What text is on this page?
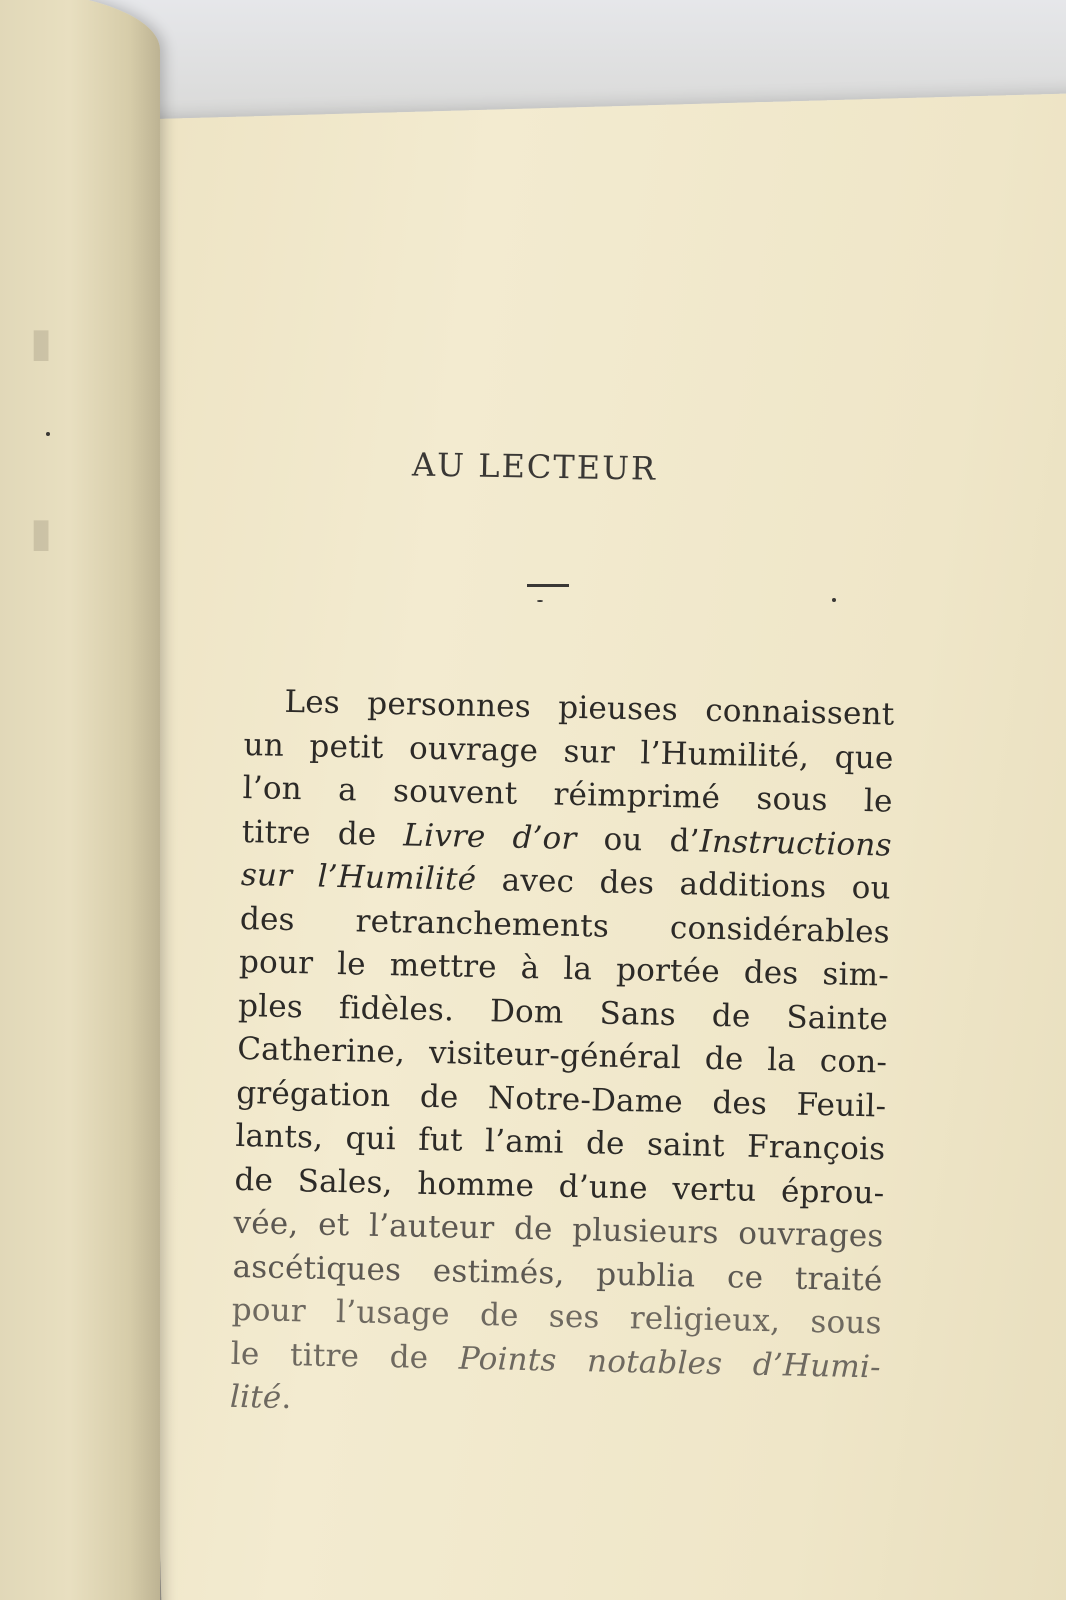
▮
▮
AU LECTEUR
Les personnes pieuses connaissent
un petit ouvrage sur l’Humilité, que
l’on a souvent réimprimé sous le
titre de Livre d’or ou d’Instructions
sur l’Humilité avec des additions ou
des retranchements considérables
pour le mettre à la portée des sim-
ples fidèles. Dom Sans de Sainte
Catherine, visiteur-général de la con-
grégation de Notre-Dame des Feuil-
lants, qui fut l’ami de saint François
de Sales, homme d’une vertu éprou-
vée, et l’auteur de plusieurs ouvrages
ascétiques estimés, publia ce traité
pour l’usage de ses religieux, sous
le titre de Points notables d’Humi-
lité.
